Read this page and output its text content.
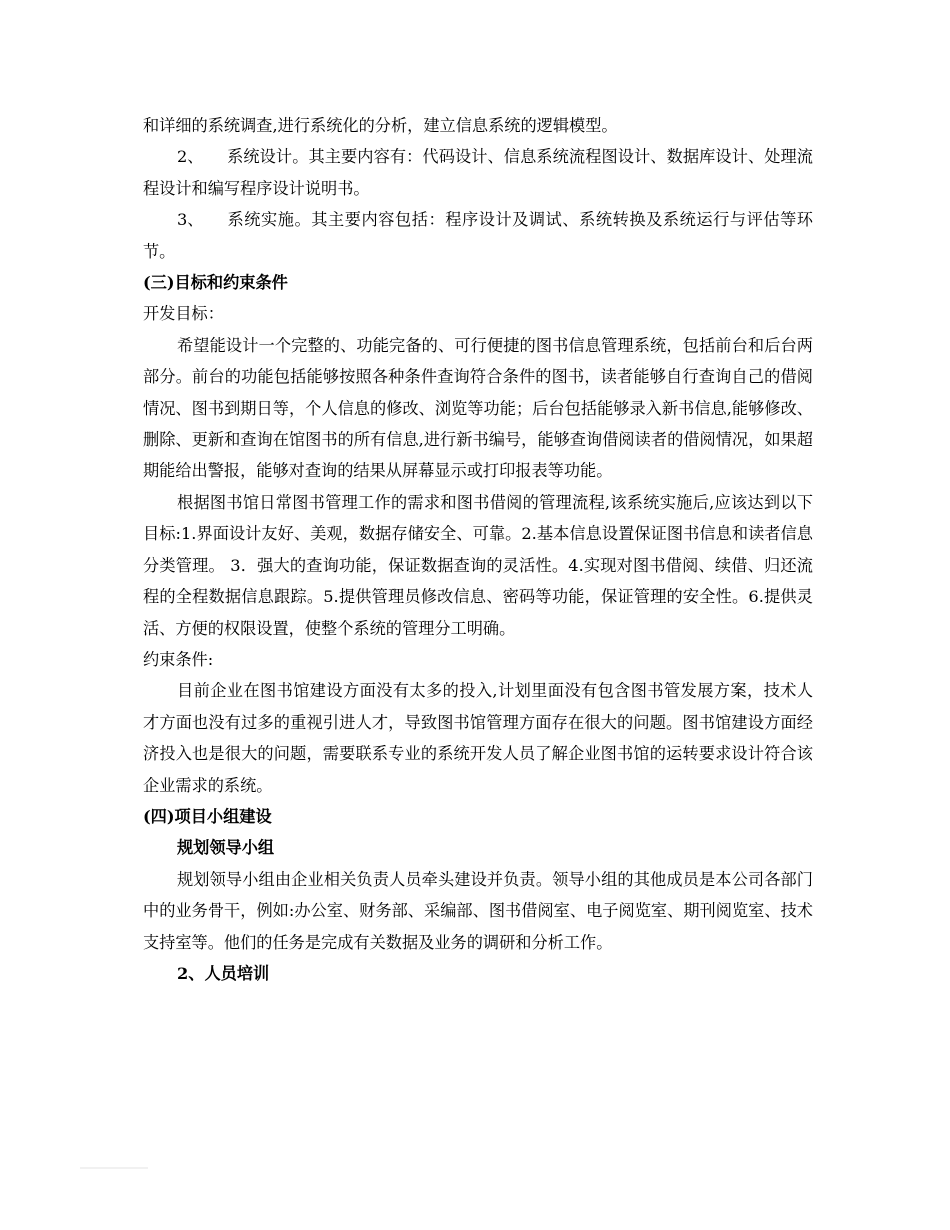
和详细的系统调查,进行系统化的分析，建立信息系统的逻辑模型。

2、 系统设计。其主要内容有：代码设计、信息系统流程图设计、数据库设计、处理流程设计和编写程序设计说明书。

3、 系统实施。其主要内容包括：程序设计及调试、系统转换及系统运行与评估等环节。

(三)目标和约束条件

开发目标：

希望能设计一个完整的、功能完备的、可行便捷的图书信息管理系统，包括前台和后台两部分。前台的功能包括能够按照各种条件查询符合条件的图书，读者能够自行查询自己的借阅情况、图书到期日等，个人信息的修改、浏览等功能；后台包括能够录入新书信息,能够修改、删除、更新和查询在馆图书的所有信息,进行新书编号，能够查询借阅读者的借阅情况，如果超期能给出警报，能够对查询的结果从屏幕显示或打印报表等功能。

根据图书馆日常图书管理工作的需求和图书借阅的管理流程,该系统实施后,应该达到以下目标:1.界面设计友好、美观，数据存储安全、可靠。2.基本信息设置保证图书信息和读者信息分类管理。 3．强大的查询功能，保证数据查询的灵活性。4.实现对图书借阅、续借、归还流程的全程数据信息跟踪。5.提供管理员修改信息、密码等功能，保证管理的安全性。6.提供灵活、方便的权限设置，使整个系统的管理分工明确。

约束条件:

目前企业在图书馆建设方面没有太多的投入,计划里面没有包含图书管发展方案，技术人才方面也没有过多的重视引进人才，导致图书馆管理方面存在很大的问题。图书馆建设方面经济投入也是很大的问题，需要联系专业的系统开发人员了解企业图书馆的运转要求设计符合该企业需求的系统。

(四)项目小组建设

规划领导小组

规划领导小组由企业相关负责人员牵头建设并负责。领导小组的其他成员是本公司各部门中的业务骨干，例如:办公室、财务部、采编部、图书借阅室、电子阅览室、期刊阅览室、技术支持室等。他们的任务是完成有关数据及业务的调研和分析工作。

2、人员培训
